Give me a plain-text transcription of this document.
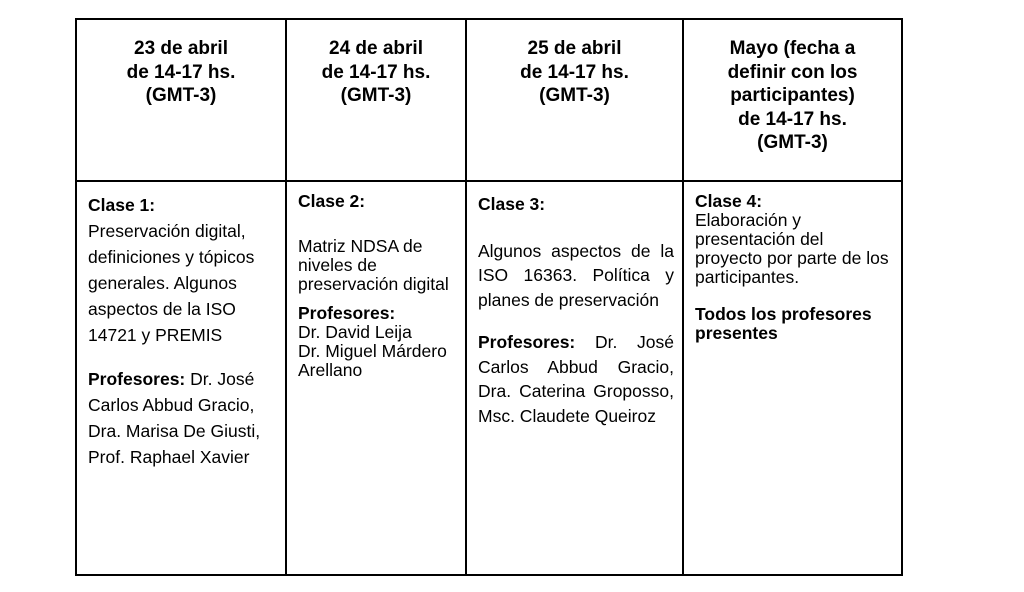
23 de abril
de 14-17 hs.
(GMT-3)	24 de abril
de 14-17 hs.
(GMT-3)	25 de abril
de 14-17 hs.
(GMT-3)	Mayo (fecha a
definir con los
participantes)
de 14-17 hs.
(GMT-3)

Clase 1:
Preservación digital, definiciones y tópicos generales. Algunos aspectos de la ISO 14721 y PREMIS
Profesores: Dr. José Carlos Abbud Gracio, Dra. Marisa De Giusti, Prof. Raphael Xavier	Clase 2:
Matriz NDSA de niveles de preservación digital
Profesores:
Dr. David Leija
Dr. Miguel Márdero Arellano	Clase 3:
Algunos aspectos de la ISO 16363. Política y planes de preservación
Profesores: Dr. José Carlos Abbud Gracio, Dra. Caterina Groposso, Msc. Claudete Queiroz	Clase 4:
Elaboración y presentación del proyecto por parte de los participantes.
Todos los profesores presentes
